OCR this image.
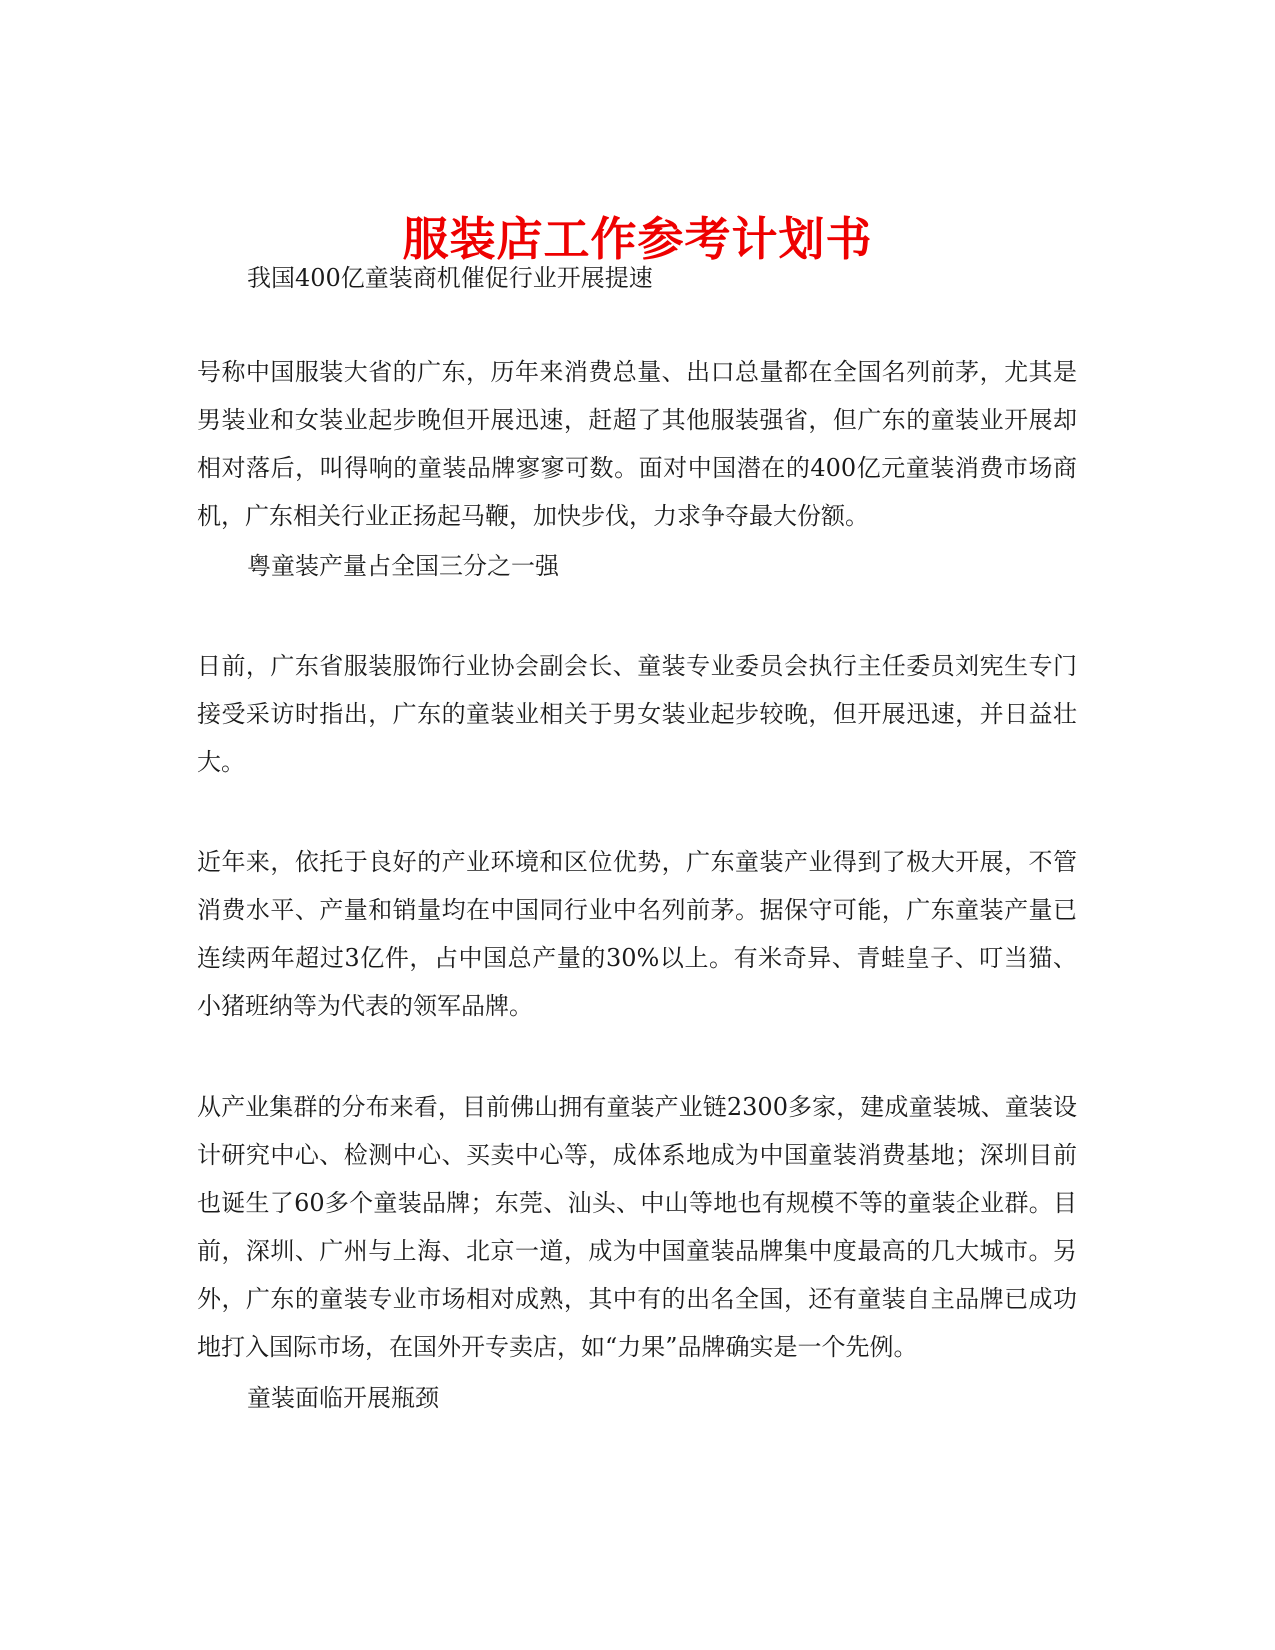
服装店工作参考计划书

我国400亿童装商机催促行业开展提速

号称中国服装大省的广东，历年来消费总量、出口总量都在全国名列前茅，尤其是男装业和女装业起步晚但开展迅速，赶超了其他服装强省，但广东的童装业开展却相对落后，叫得响的童装品牌寥寥可数。面对中国潜在的400亿元童装消费市场商机，广东相关行业正扬起马鞭，加快步伐，力求争夺最大份额。

粤童装产量占全国三分之一强

日前，广东省服装服饰行业协会副会长、童装专业委员会执行主任委员刘宪生专门接受采访时指出，广东的童装业相关于男女装业起步较晚，但开展迅速，并日益壮大。

近年来，依托于良好的产业环境和区位优势，广东童装产业得到了极大开展，不管消费水平、产量和销量均在中国同行业中名列前茅。据保守可能，广东童装产量已连续两年超过3亿件，占中国总产量的30%以上。有米奇异、青蛙皇子、叮当猫、小猪班纳等为代表的领军品牌。

从产业集群的分布来看，目前佛山拥有童装产业链2300多家，建成童装城、童装设计研究中心、检测中心、买卖中心等，成体系地成为中国童装消费基地；深圳目前也诞生了60多个童装品牌；东莞、汕头、中山等地也有规模不等的童装企业群。目前，深圳、广州与上海、北京一道，成为中国童装品牌集中度最高的几大城市。另外，广东的童装专业市场相对成熟，其中有的出名全国，还有童装自主品牌已成功地打入国际市场，在国外开专卖店，如“力果”品牌确实是一个先例。

童装面临开展瓶颈
